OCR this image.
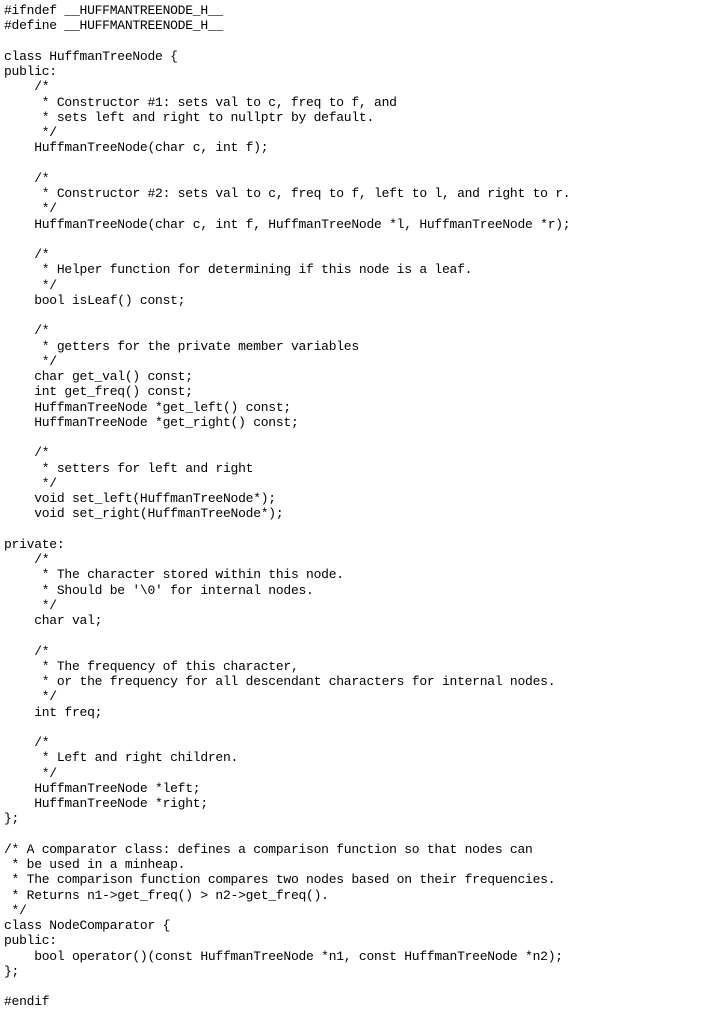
#ifndef __HUFFMANTREENODE_H__
#define __HUFFMANTREENODE_H__

class HuffmanTreeNode {
public:
/*
* Constructor #1: sets val to c, freq to f, and
* sets left and right to nullptr by default.
*/
HuffmanTreeNode(char c, int f);

/*
* Constructor #2: sets val to c, freq to f, left to l, and right to r.
*/
HuffmanTreeNode(char c, int f, HuffmanTreeNode *l, HuffmanTreeNode *r);

/*
* Helper function for determining if this node is a leaf.
*/
bool isLeaf() const;

/*
* getters for the private member variables
*/
char get_val() const;
int get_freq() const;
HuffmanTreeNode *get_left() const;
HuffmanTreeNode *get_right() const;

/*
* setters for left and right
*/
void set_left(HuffmanTreeNode*);
void set_right(HuffmanTreeNode*);

private:
/*
* The character stored within this node.
* Should be '\0' for internal nodes.
*/
char val;

/*
* The frequency of this character,
* or the frequency for all descendant characters for internal nodes.
*/
int freq;

/*
* Left and right children.
*/
HuffmanTreeNode *left;
HuffmanTreeNode *right;
};

/* A comparator class: defines a comparison function so that nodes can
* be used in a minheap.
* The comparison function compares two nodes based on their frequencies.
* Returns n1->get_freq() > n2->get_freq().
*/
class NodeComparator {
public:
bool operator()(const HuffmanTreeNode *n1, const HuffmanTreeNode *n2);
};

#endif
